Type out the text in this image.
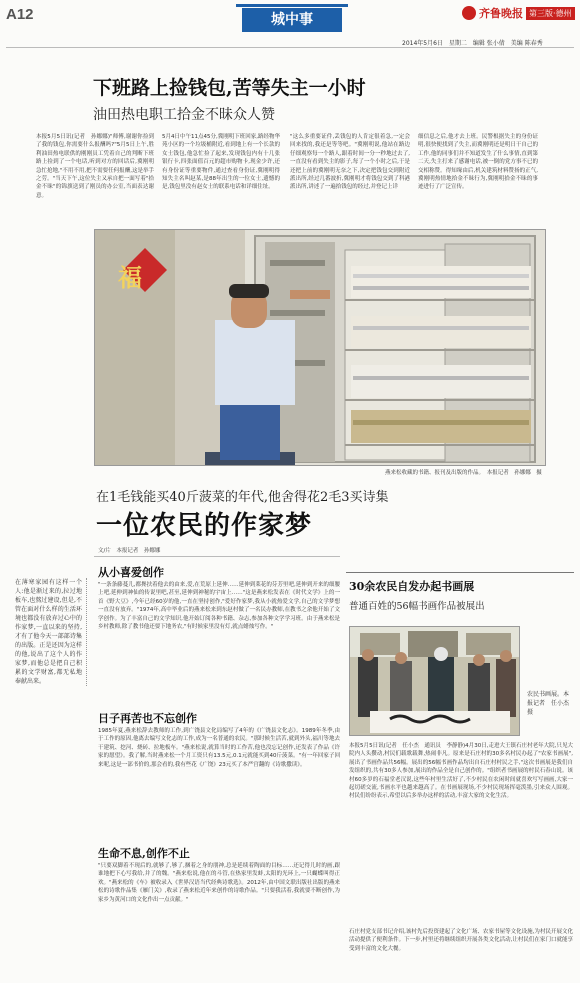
A12	城中事	齐鲁晚报 第三版·德州
2014年5月6日　星期二　编辑 张小倩　美编 陈春秀
下班路上捡钱包,苦等失主一小时
油田热电职工拾金不昧众人赞
本报5月5日讯(记者　孙娜娜)"师傅,谢谢你捡到了我的钱包,你需要什么报酬吗?"5月5日上午,胜利油田热电联供的刚刚员工凭着自己的判断下班路上捡到了一个电话,听到对方的回话后,冀刚明急忙抢地,"不用不用,把不需要任何报酬,这是举手之劳。"当天下午,这位失主又承自把一面写着"拾金不昧"的锦旗送到了刚员的办公室,当面表达谢意。
5月4日中午11点45分,冀刚明下班回家,路经物华苑小区的一个垃圾桶附近,看到地上有一个长款的女士钱包,他急忙捡了起来,发现钱包内有十几张银行卡,四张面值百元的超市购物卡,现金少许,还有身份证等重要物件,通过查看身份证,冀刚明得知失主名叫赵某,是88年出生的一位女士,遗憾的是,钱包里没有赵女士的联系电话和详细住址。
"这么多重要证件,丢钱包的人肯定很着急,一定会回来找的,我还是等等吧。"冀刚明说,他站在路边仔细观察每一个路人,跟着时间一分一秒地过去了,一直没有看到失主的影子,每了一个小时之后,于是还把上前的冀刚明无奈之下,决定把钱包交到附近派出所,经过几番波折,冀刚明才将钱包交到了科港派出所,讲述了一遍拾钱包的经过,并登记上详
细信息之后,他才去上班。民警根据失主的身份证明,很快便找到了失主,而冀刚明还是明日干自己的工作,他的同事们并不知道发生了什么事情,直到第二天,失主打来了感谢电话,被一倒的党方事不已的交相称赞。得知缘由后,机关建筑材料赞扬的正气,冀刚明热情地拾金不昧行为,冀刚明拾金不昧的事迹进行了广泛宣传。
福
燕来松收藏的书籍、报刊及出版的作品。　本报记者　孙娜娜　摄
在1毛钱能买40斤菠菜的年代,他舍得花2毛3买诗集
一位农民的作家梦
文/片　本报记者　孙娜娜
在薄寒家园有这样一个人:他是渐过来的,拉过地板车,也熬过建设,但是,不管在面对什么样的生活环境也都没有放弃过心中的作家梦,一直以来的坚持,才有了他今天一部部诗集的出版。正是还因为这样的他,说出了这个人的作家梦,而他总是把自己积累的文学财富,都无私地奉献出来。
从小喜爱创作
"一条条藤蔓儿,都搀扶着他去的由来,爱,在荒原上延伸……延伸到莱花的芬芳里吧,延伸到开来的细腰上吧,延伸到神仙的传说里吧,甚至,延伸到神秘的宇宙上……"这是燕来松发表在《时代文学》上的一首《野大豆》,今年已经60岁的他,一直在坚持创作,"爱好作家梦,我从小就热爱文学,自己的文学梦想一直没有放弃。"1974年,高中毕业后的燕来松来到东赵村做了一名民办教师,在教书之余他开始了文学创作。为了丰富自己的文学知识,他开始订阅各种书籍、杂志,参加各种文学学习班。由于燕来松是乡村教师,除了教书他还要下地务农,"有时候家里没有灯,就点蜡烛写作。"
日子再苦也不忘创作
1985年夏,燕来松辞去教师的工作,到广饶县文化局编写了4年的《广饶县文化志》。1989年冬季,由于工作的原因,他离去编写文化志的工作,成为一名普通的农民。"那时候生活苦,就到外头,福川等地去干建筑、挖河、烧砖、拉地板车。"燕来松说,就算当时的工作苦,他也没忘记创作,还发表了作品《许家的愿望》。我了解,当时燕来松一个月工资只有13.5元,0.1元就能买到40斤菠菜。"有一年回家子回来呢,这是一部书价的,那会看的,我有些花《广饶》23元买了本严宫翻的《诗歌撒读》。
生命不息,创作不止
"只要双脚着不现后的,就够了,够了,捆着之身的朋神,总是延续着陶面的目标……还记得儿时的画,跟谁地把下心写我给,并了的魏。"燕来松说,他在的斗管,在热家里发蚌,太阳的光环上,一只蝴蝶叫得正欢。"燕来松的《车》被收录入《世界汉语当代经典诗歌选》。2012年,由中国文联出版社出版的燕来松的诗歌作品集《雁门关》,收录了燕来松近年来创作的诗歌作品。"只要我活着,我就要不断创作,为家乡为黄河口的文化作出一点贡献。"
30余农民自发办起书画展
普通百姓的56幅书画作品被展出
农民书画展。本报记者　任小杰　摄
本报5月5日讯(记者　任小杰　通讯员　李静静)4月30日,走进大王镇石庄村老年大院,只见大院内人头攒动,村民们载歌载舞,热闹非凡。原来是石庄村的30多名村民办起了"农家书画展",展出了书画作品共56幅。展出的56幅书画作品均出自石庄村村民之手,"这次书画展是我们自发组织的,共有30多人参加,展出的作品全是自己创作的。"组织者书画展的村民石春山说。该村60多岁的石福堂老汉说,这些年村里生活好了,不少村民在农闲时间就喜欢写写画画,大家一起切磋交流,书画水平也越来越高了。在书画展现场,不少村民现场挥毫泼墨,引来众人围观。村民们纷纷表示,希望以后多举办这样的活动,丰富大家的文化生活。
石庄村党支部书记介绍,该村先后投资建起了文化广场、农家书屋等文化设施,为村民开展文化活动提供了便利条件。下一步,村里还将继续组织开展各类文化活动,让村民们在家门口就能享受到丰富的文化大餐。
